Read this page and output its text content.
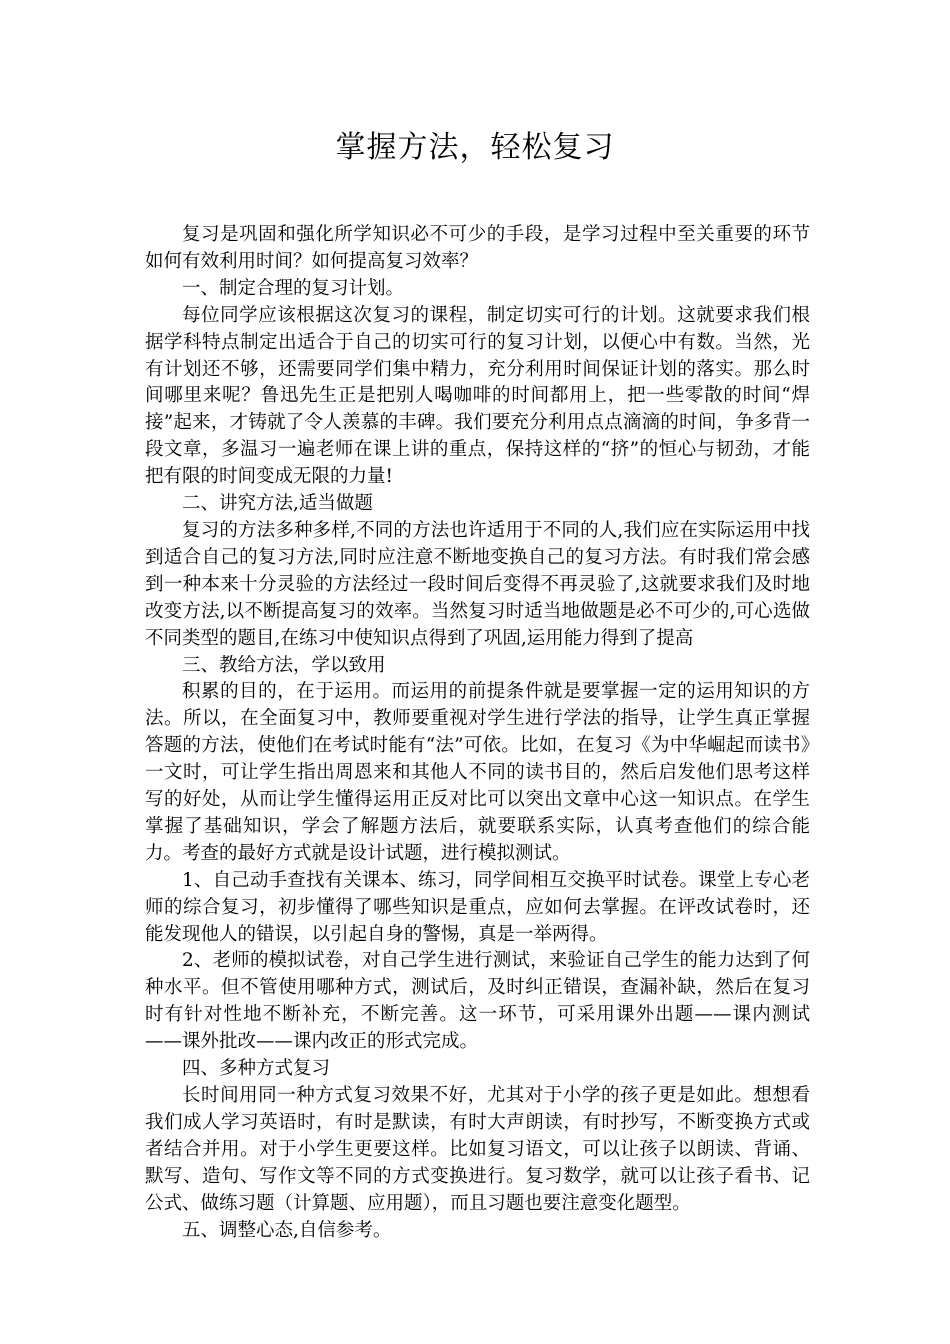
掌握方法，轻松复习

复习是巩固和强化所学知识必不可少的手段，是学习过程中至关重要的环节如何有效利用时间？如何提高复习效率？

一、制定合理的复习计划。

每位同学应该根据这次复习的课程，制定切实可行的计划。这就要求我们根据学科特点制定出适合于自己的切实可行的复习计划，以便心中有数。当然，光有计划还不够，还需要同学们集中精力，充分利用时间保证计划的落实。那么时间哪里来呢？鲁迅先生正是把别人喝咖啡的时间都用上，把一些零散的时间“焊接”起来，才铸就了令人羡慕的丰碑。我们要充分利用点点滴滴的时间，争多背一段文章，多温习一遍老师在课上讲的重点，保持这样的“挤”的恒心与韧劲，才能把有限的时间变成无限的力量!

二、讲究方法,适当做题

复习的方法多种多样,不同的方法也许适用于不同的人,我们应在实际运用中找到适合自己的复习方法,同时应注意不断地变换自己的复习方法。有时我们常会感到一种本来十分灵验的方法经过一段时间后变得不再灵验了,这就要求我们及时地改变方法,以不断提高复习的效率。当然复习时适当地做题是必不可少的,可心选做不同类型的题目,在练习中使知识点得到了巩固,运用能力得到了提高

三、教给方法，学以致用

积累的目的，在于运用。而运用的前提条件就是要掌握一定的运用知识的方法。所以，在全面复习中，教师要重视对学生进行学法的指导，让学生真正掌握答题的方法，使他们在考试时能有“法”可依。比如，在复习《为中华崛起而读书》一文时，可让学生指出周恩来和其他人不同的读书目的，然后启发他们思考这样写的好处，从而让学生懂得运用正反对比可以突出文章中心这一知识点。在学生掌握了基础知识，学会了解题方法后，就要联系实际，认真考查他们的综合能力。考查的最好方式就是设计试题，进行模拟测试。

1、自己动手查找有关课本、练习，同学间相互交换平时试卷。课堂上专心老师的综合复习，初步懂得了哪些知识是重点，应如何去掌握。在评改试卷时，还能发现他人的错误，以引起自身的警惕，真是一举两得。

2、老师的模拟试卷，对自己学生进行测试，来验证自己学生的能力达到了何种水平。但不管使用哪种方式，测试后，及时纠正错误，查漏补缺，然后在复习时有针对性地不断补充，不断完善。这一环节，可采用课外出题——课内测试——课外批改——课内改正的形式完成。

四、多种方式复习

长时间用同一种方式复习效果不好，尤其对于小学的孩子更是如此。想想看我们成人学习英语时，有时是默读，有时大声朗读，有时抄写，不断变换方式或者结合并用。对于小学生更要这样。比如复习语文，可以让孩子以朗读、背诵、默写、造句、写作文等不同的方式变换进行。复习数学，就可以让孩子看书、记公式、做练习题（计算题、应用题），而且习题也要注意变化题型。

五、调整心态,自信参考。
